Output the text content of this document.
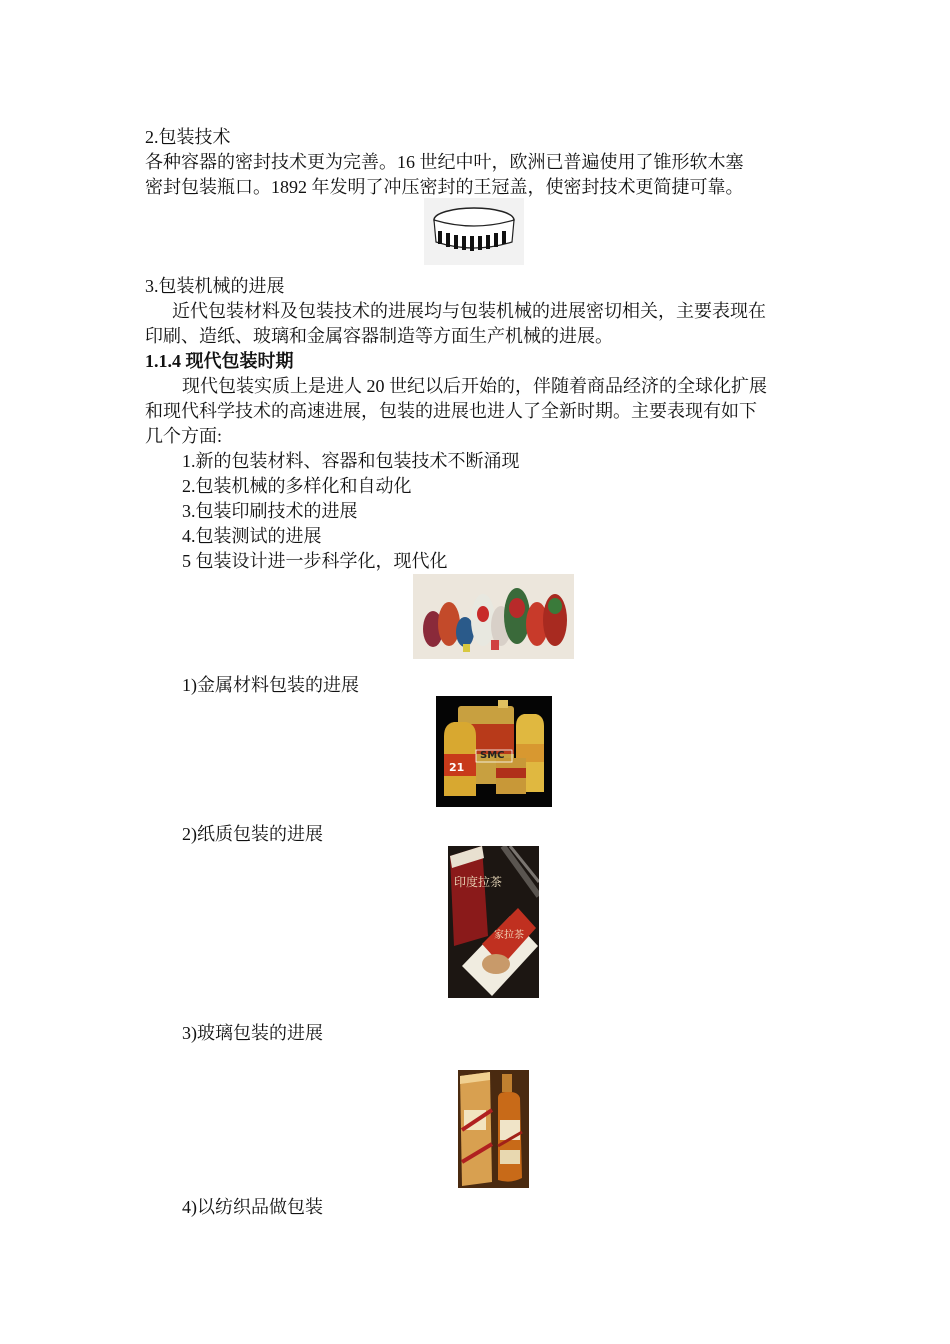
2.包装技术
各种容器的密封技术更为完善。16 世纪中叶，欧洲已普遍使用了锥形软木塞
密封包装瓶口。1892 年发明了冲压密封的王冠盖，使密封技术更简捷可靠。
3.包装机械的进展
近代包装材料及包装技术的进展均与包装机械的进展密切相关，主要表现在
印刷、造纸、玻璃和金属容器制造等方面生产机械的进展。
1.1.4 现代包装时期
现代包装实质上是进人 20 世纪以后开始的，伴随着商品经济的全球化扩展
和现代科学技术的高速进展，包装的进展也进人了全新时期。主要表现有如下
几个方面:
1.新的包装材料、容器和包装技术不断涌现
2.包装机械的多样化和自动化
3.包装印刷技术的进展
4.包装测试的进展
5 包装设计进一步科学化，现代化
1)金属材料包装的进展
21
SMC
2)纸质包装的进展
印度拉茶
家拉茶
3)玻璃包装的进展
4)以纺织品做包装
